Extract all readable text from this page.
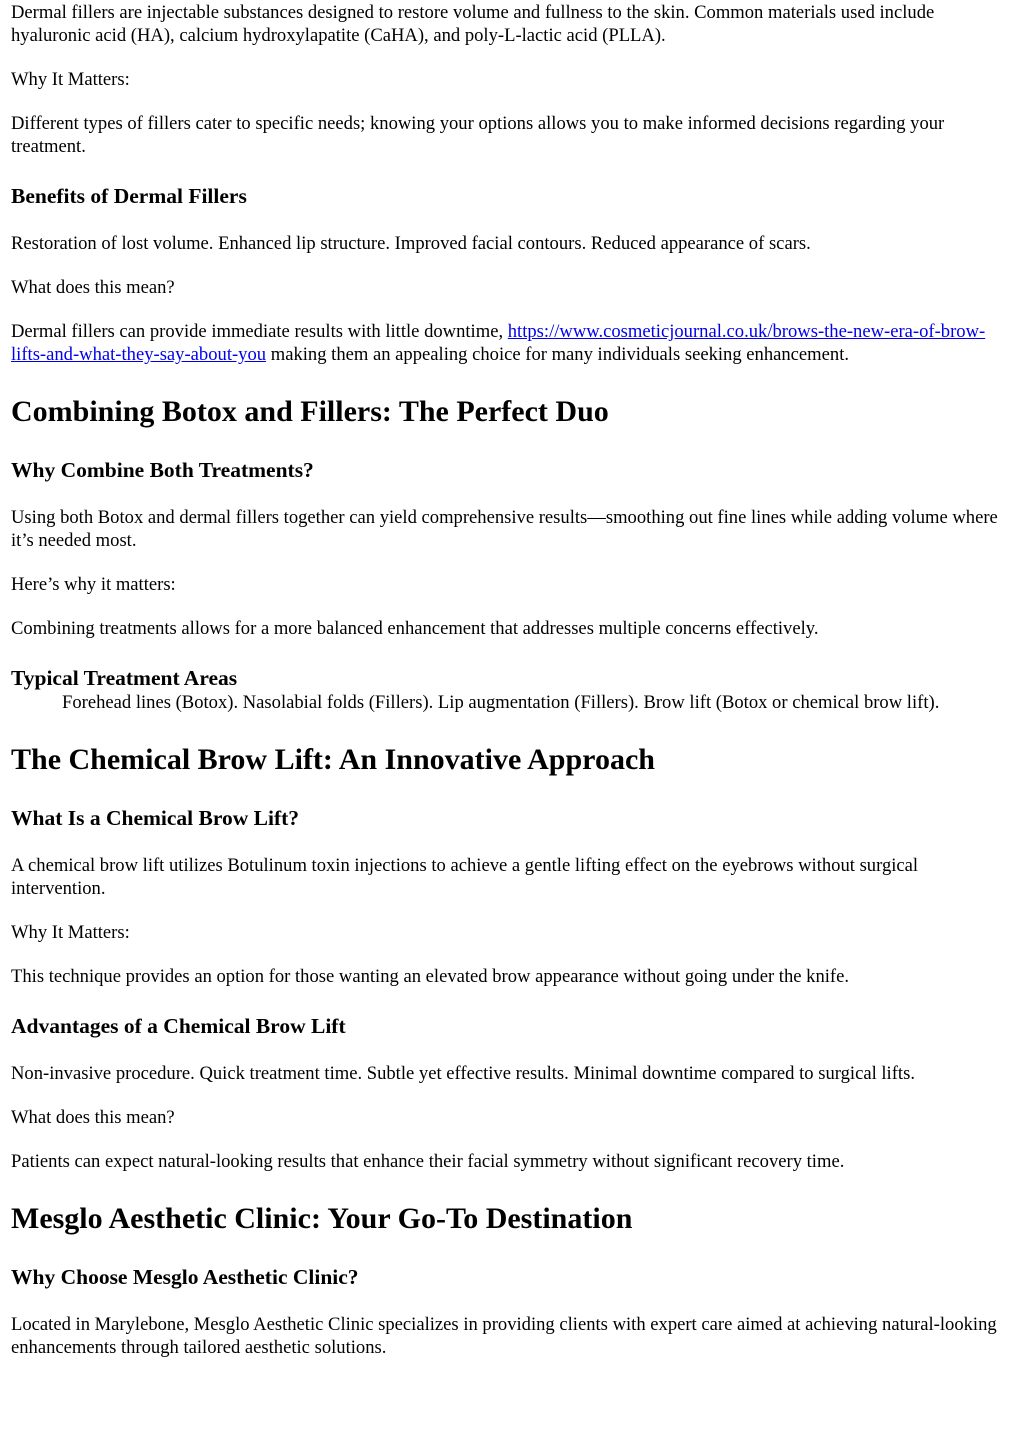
Dermal fillers are injectable substances designed to restore volume and fullness to the skin. Common materials used include hyaluronic acid (HA), calcium hydroxylapatite (CaHA), and poly-L-lactic acid (PLLA).

Why It Matters:

Different types of fillers cater to specific needs; knowing your options allows you to make informed decisions regarding your treatment.

Benefits of Dermal Fillers

Restoration of lost volume. Enhanced lip structure. Improved facial contours. Reduced appearance of scars.

What does this mean?

Dermal fillers can provide immediate results with little downtime, https://www.cosmeticjournal.co.uk/brows-the-new-era-of-brow-lifts-and-what-they-say-about-you making them an appealing choice for many individuals seeking enhancement.

Combining Botox and Fillers: The Perfect Duo
Why Combine Both Treatments?

Using both Botox and dermal fillers together can yield comprehensive results—smoothing out fine lines while adding volume where it’s needed most.

Here’s why it matters:

Combining treatments allows for a more balanced enhancement that addresses multiple concerns effectively.

Typical Treatment Areas
Forehead lines (Botox). Nasolabial folds (Fillers). Lip augmentation (Fillers). Brow lift (Botox or chemical brow lift).
The Chemical Brow Lift: An Innovative Approach
What Is a Chemical Brow Lift?

A chemical brow lift utilizes Botulinum toxin injections to achieve a gentle lifting effect on the eyebrows without surgical intervention.

Why It Matters:

This technique provides an option for those wanting an elevated brow appearance without going under the knife.

Advantages of a Chemical Brow Lift

Non-invasive procedure. Quick treatment time. Subtle yet effective results. Minimal downtime compared to surgical lifts.

What does this mean?

Patients can expect natural-looking results that enhance their facial symmetry without significant recovery time.

Mesglo Aesthetic Clinic: Your Go-To Destination
Why Choose Mesglo Aesthetic Clinic?

Located in Marylebone, Mesglo Aesthetic Clinic specializes in providing clients with expert care aimed at achieving natural-looking enhancements through tailored aesthetic solutions.
